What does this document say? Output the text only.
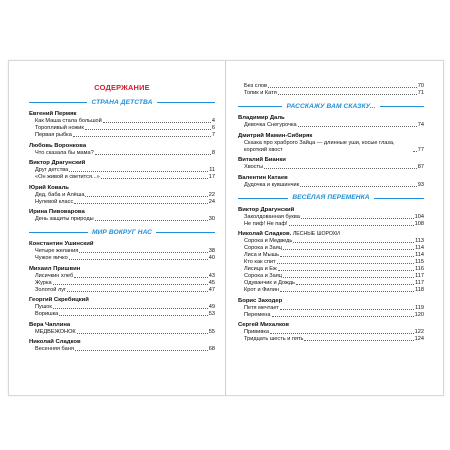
СОДЕРЖАНИЕ
СТРАНА ДЕТСТВА
Евгений Пермяк
Как Маша стала большой	4
Торопливый ножик	6
Первая рыбка	7
Любовь Воронкова
Что сказала бы мама?	8
Виктор Драгунский
Друг детства	11
«Он живой и светится...»	17
Юрий Коваль
Дед, баба и Алёша	22
Нулевой класс	24
Ирина Пивоварова
День защиты природы	30
МИР ВОКРУГ НАС
Константин Ушинский
Четыре желания	38
Чужое яичко	40
Михаил Пришвин
Лисичкин хлеб	43
Журка	45
Золотой луг	47
Георгий Скребицкий
Пушок	49
Воришка	53
Вера Чаплина
МЕДВЕЖОНОК	55
Николай Сладков
Весенняя баня	68
Без слов	70
Топик и Катя	71
РАССКАЖУ ВАМ СКАЗКУ...
Владимир Даль
Девочка Снегурочка	74
Дмитрий Мамин-Сибиряк
Сказка про храброго Зайца — длинные уши, косые глаза, короткий хвост	77
Виталий Бианки
Хвосты	87
Валентин Катаев
Дудочка и кувшинчик	93
ВЕСЁЛАЯ ПЕРЕМЕНКА
Виктор Драгунский
Заколдованная буква	104
Не пиф! Не паф!	108
Николай Сладков. ЛЕСНЫЕ ШОРОХИ
Сорока и Медведь	113
Сорока и Заяц	114
Лиса и Мышь	114
Кто как спит	115
Лисица и Еж	116
Сорока и Заяц	117
Одуванчик и Дождь	117
Крот и Филин	118
Борис Заходер
Петя мечтает	119
Перемена	120
Сергей Михалков
Прививка	122
Тридцать шесть и пять	124
